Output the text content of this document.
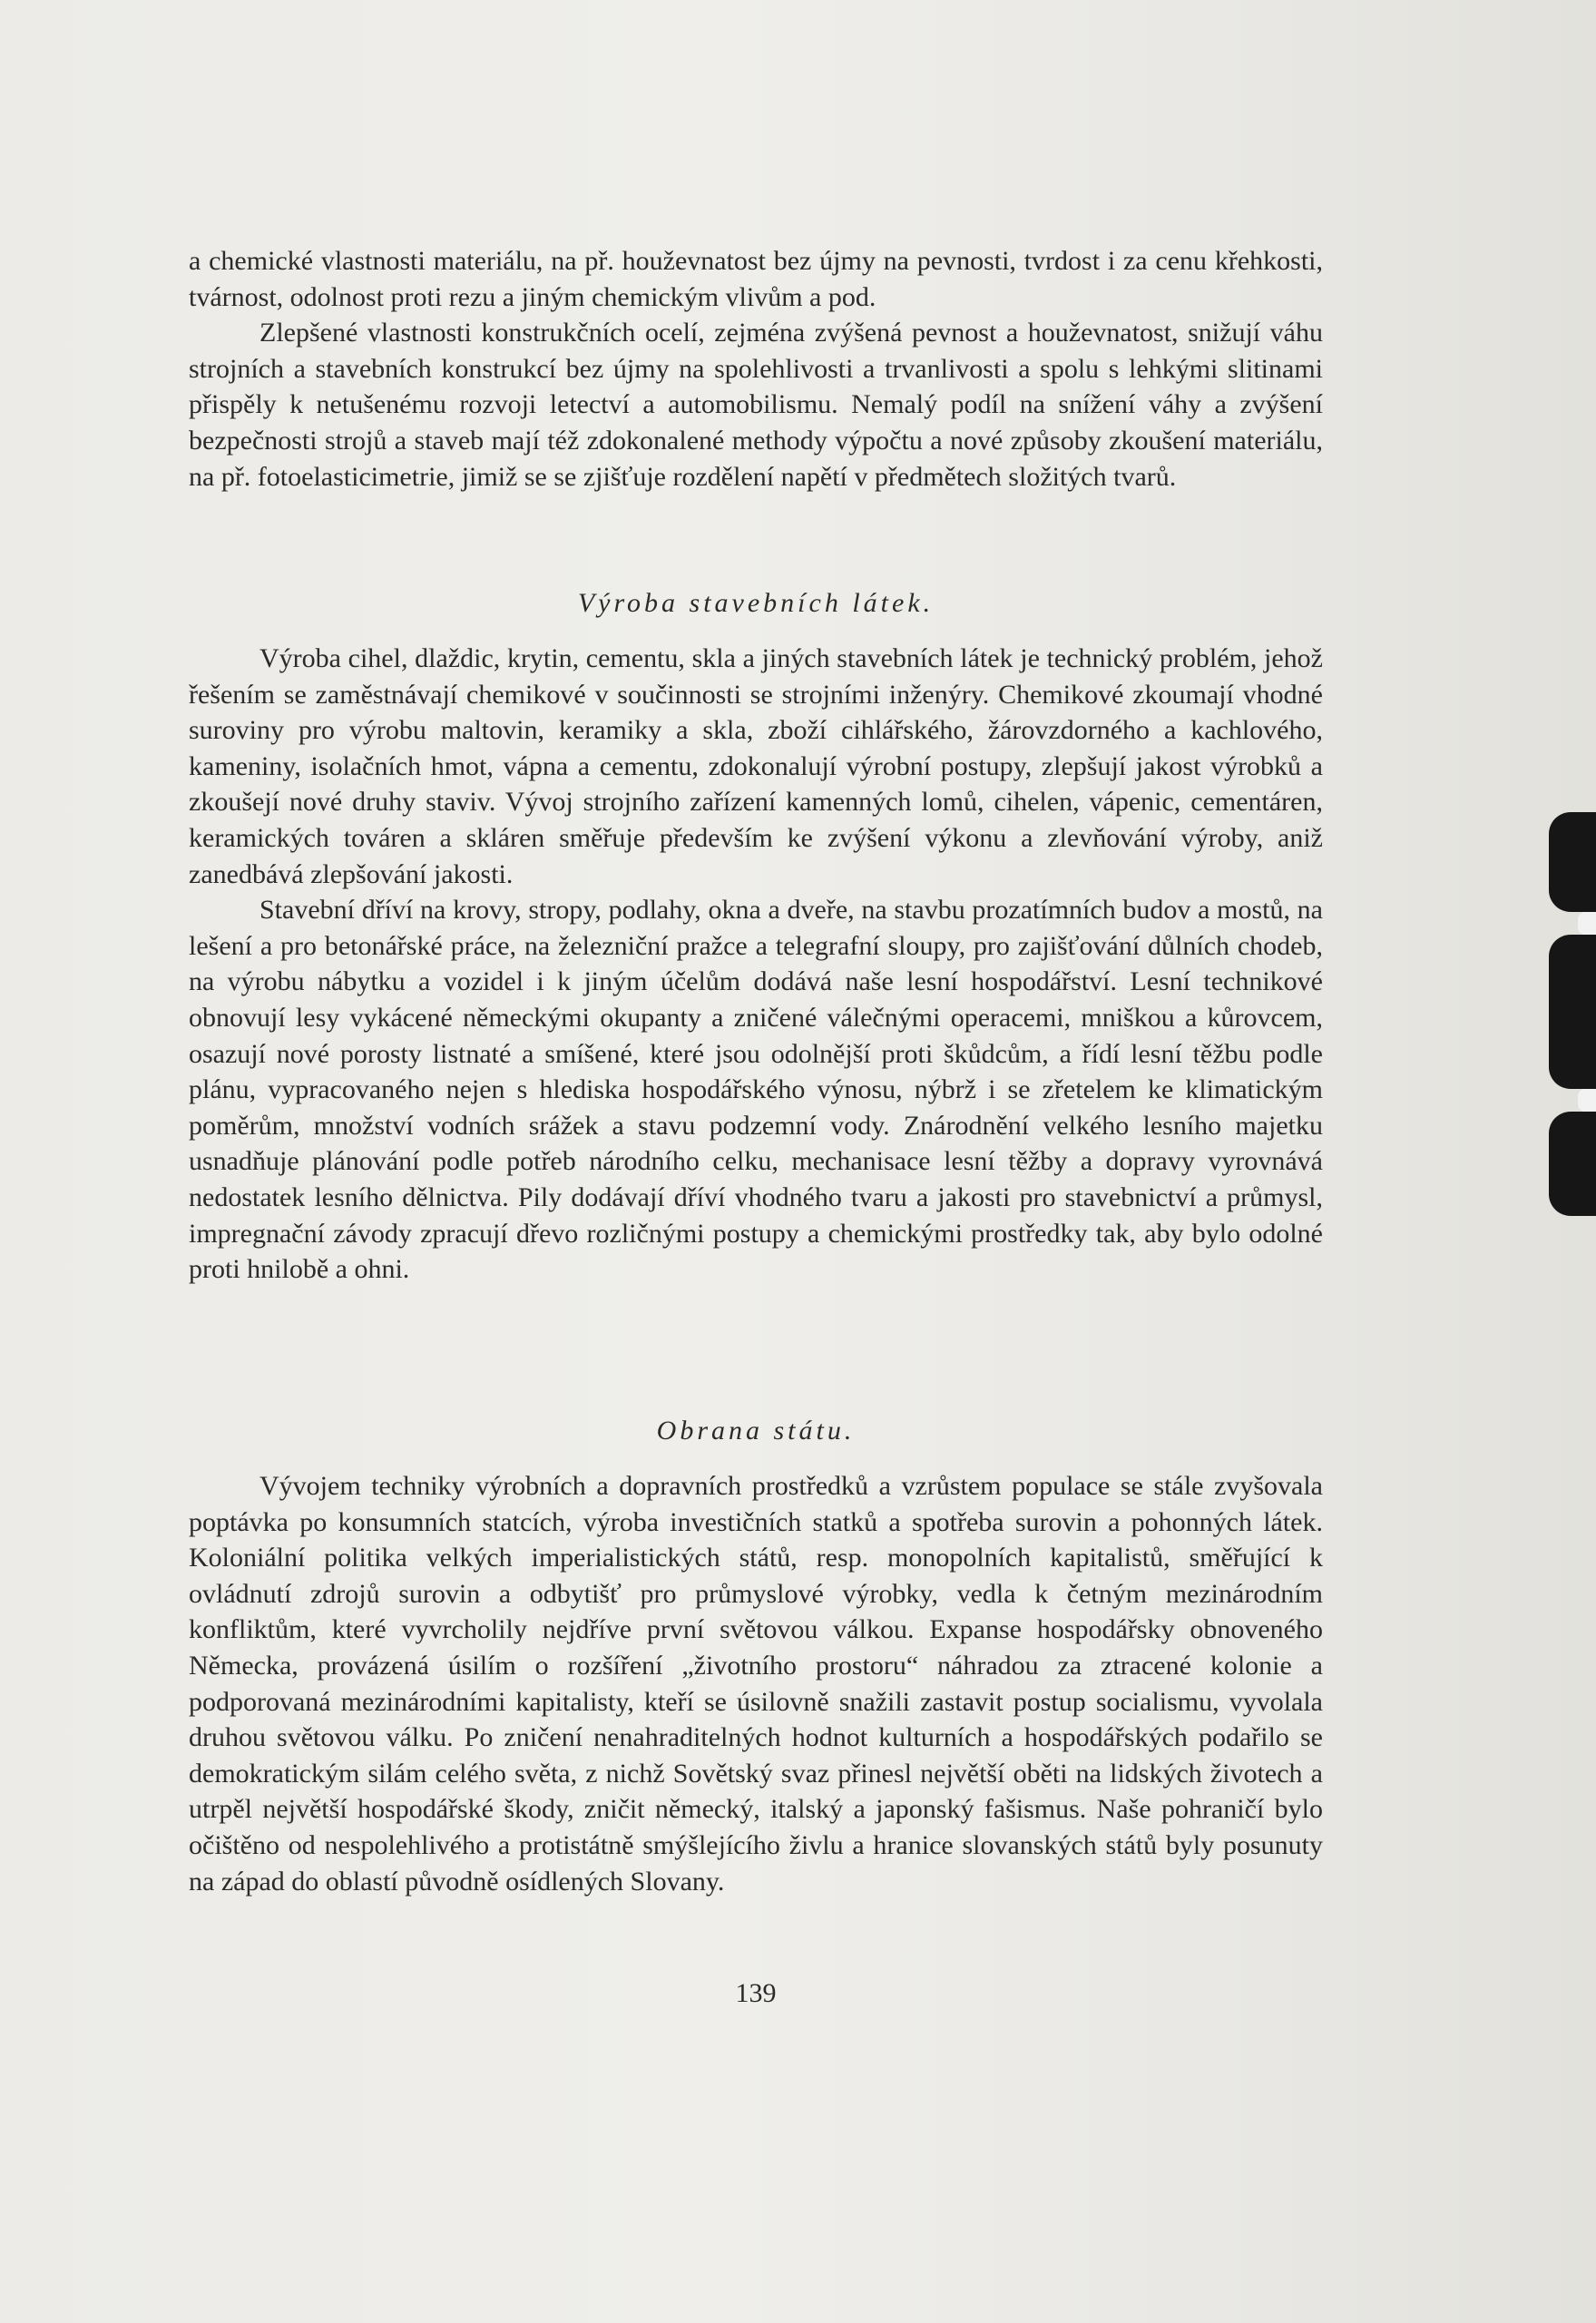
a chemické vlastnosti materiálu, na př. houževnatost bez újmy na pevnosti, tvrdost i za cenu křehkosti, tvárnost, odolnost proti rezu a jiným chemickým vlivům a pod.

Zlepšené vlastnosti konstrukčních ocelí, zejména zvýšená pevnost a houževnatost, snižují váhu strojních a stavebních konstrukcí bez újmy na spolehlivosti a trvanlivosti a spolu s lehkými slitinami přispěly k netušenému rozvoji letectví a automobilismu. Nemalý podíl na snížení váhy a zvýšení bezpečnosti strojů a staveb mají též zdokonalené methody výpočtu a nové způsoby zkoušení materiálu, na př. fotoelasticimetrie, jimiž se se zjišťuje rozdělení napětí v předmětech složitých tvarů.

Výroba stavebních látek.

Výroba cihel, dlaždic, krytin, cementu, skla a jiných stavebních látek je technický problém, jehož řešením se zaměstnávají chemikové v součinnosti se strojními inženýry. Chemikové zkoumají vhodné suroviny pro výrobu maltovin, keramiky a skla, zboží cihlářského, žárovzdorného a kachlového, kameniny, isolačních hmot, vápna a cementu, zdokonalují výrobní postupy, zlepšují jakost výrobků a zkoušejí nové druhy staviv. Vývoj strojního zařízení kamenných lomů, cihelen, vápenic, cementáren, keramických továren a skláren směřuje především ke zvýšení výkonu a zlevňování výroby, aniž zanedbává zlepšování jakosti.

Stavební dříví na krovy, stropy, podlahy, okna a dveře, na stavbu prozatímních budov a mostů, na lešení a pro betonářské práce, na železniční pražce a telegrafní sloupy, pro zajišťování důlních chodeb, na výrobu nábytku a vozidel i k jiným účelům dodává naše lesní hospodářství. Lesní technikové obnovují lesy vykácené německými okupanty a zničené válečnými operacemi, mniškou a kůrovcem, osazují nové porosty listnaté a smíšené, které jsou odolnější proti škůdcům, a řídí lesní těžbu podle plánu, vypracovaného nejen s hlediska hospodářského výnosu, nýbrž i se zřetelem ke klimatickým poměrům, množství vodních srážek a stavu podzemní vody. Znárodnění velkého lesního majetku usnadňuje plánování podle potřeb národního celku, mechanisace lesní těžby a dopravy vyrovnává nedostatek lesního dělnictva. Pily dodávají dříví vhodného tvaru a jakosti pro stavebnictví a průmysl, impregnační závody zpracují dřevo rozličnými postupy a chemickými prostředky tak, aby bylo odolné proti hnilobě a ohni.

Obrana státu.

Vývojem techniky výrobních a dopravních prostředků a vzrůstem populace se stále zvyšovala poptávka po konsumních statcích, výroba investičních statků a spotřeba surovin a pohonných látek. Koloniální politika velkých imperialistických států, resp. monopolních kapitalistů, směřující k ovládnutí zdrojů surovin a odbytišť pro průmyslové výrobky, vedla k četným mezinárodním konfliktům, které vyvrcholily nejdříve první světovou válkou. Expanse hospodářsky obnoveného Německa, provázená úsilím o rozšíření „životního prostoru“ náhradou za ztracené kolonie a podporovaná mezinárodními kapitalisty, kteří se úsilovně snažili zastavit postup socialismu, vyvolala druhou světovou válku. Po zničení nenahraditelných hodnot kulturních a hospodářských podařilo se demokratickým silám celého světa, z nichž Sovětský svaz přinesl největší oběti na lidských životech a utrpěl největší hospodářské škody, zničit německý, italský a japonský fašismus. Naše pohraničí bylo očištěno od nespolehlivého a protistátně smýšlejícího živlu a hranice slovanských států byly posunuty na západ do oblastí původně osídlených Slovany.

139
